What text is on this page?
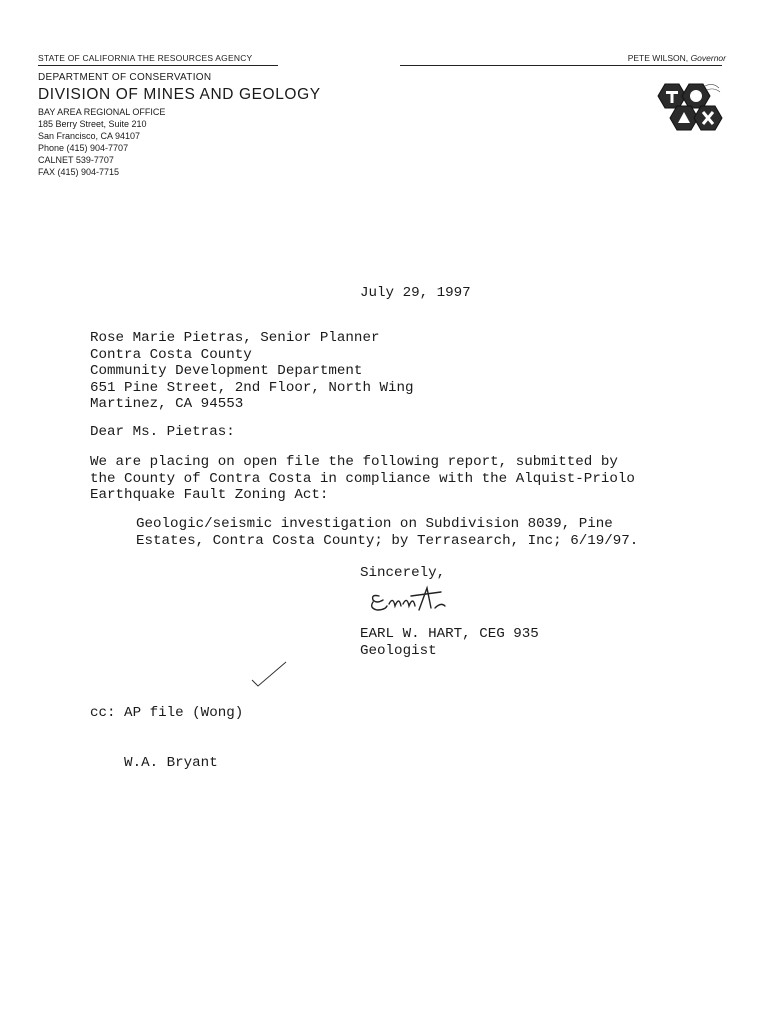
STATE OF CALIFORNIA THE RESOURCES AGENCY	PETE WILSON, Governor
DEPARTMENT OF CONSERVATION
DIVISION OF MINES AND GEOLOGY
BAY AREA REGIONAL OFFICE
185 Berry Street, Suite 210
San Francisco, CA 94107
Phone (415) 904-7707
CALNET 539-7707
FAX (415) 904-7715
July 29, 1997
Rose Marie Pietras, Senior Planner
Contra Costa County
Community Development Department
651 Pine Street, 2nd Floor, North Wing
Martinez, CA 94553
Dear Ms. Pietras:
We are placing on open file the following report, submitted by
the County of Contra Costa in compliance with the Alquist-Priolo
Earthquake Fault Zoning Act:
Geologic/seismic investigation on Subdivision 8039, Pine
Estates, Contra Costa County; by Terrasearch, Inc; 6/19/97.
Sincerely,
EARL W. HART, CEG 935
Geologist

cc: AP file (Wong)

W.A. Bryant
